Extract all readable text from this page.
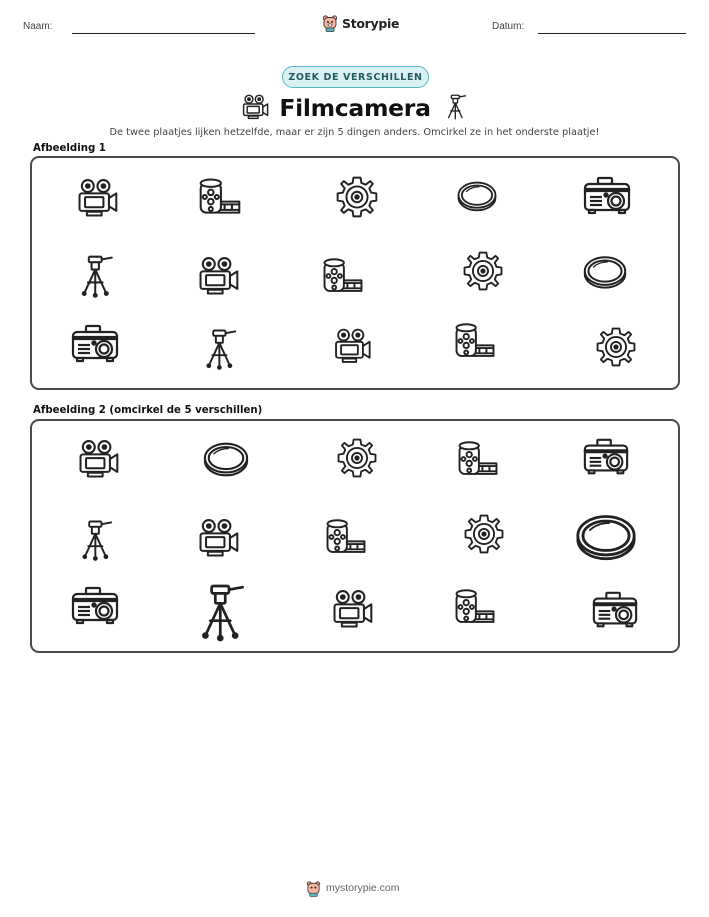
Naam:	Storypie	Datum:
ZOEK DE VERSCHILLEN
Filmcamera
De twee plaatjes lijken hetzelfde, maar er zijn 5 dingen anders. Omcirkel ze in het onderste plaatje!
Afbeelding 1
Afbeelding 2 (omcirkel de 5 verschillen)
mystorypie.com
